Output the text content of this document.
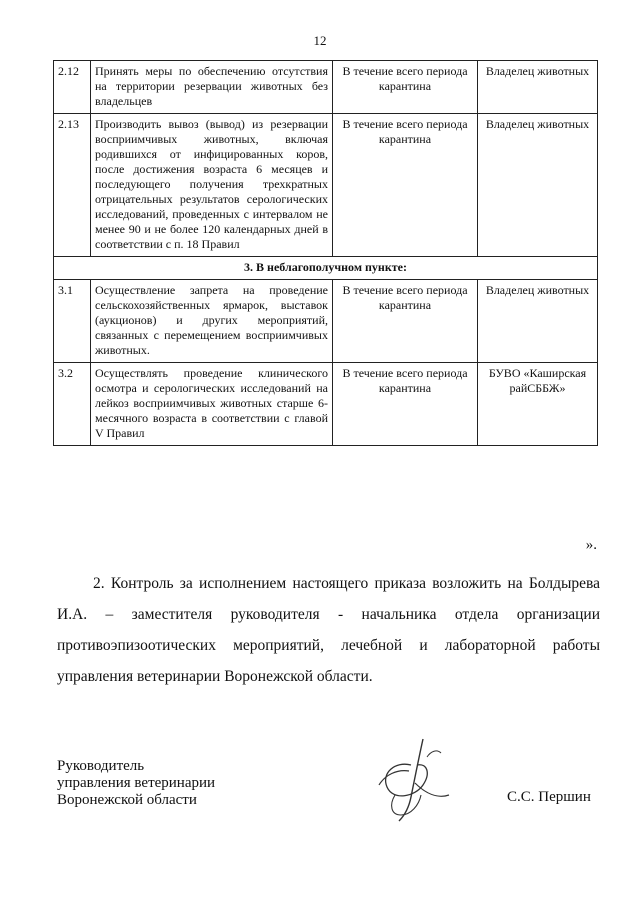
12
2.12	Принять меры по обеспечению отсутствия на территории резервации животных без владельцев	В течение всего периода карантина	Владелец животных
2.13	Производить вывоз (вывод) из резервации восприимчивых животных, включая родившихся от инфицированных коров, после достижения возраста 6 месяцев и последующего получения трехкратных отрицательных результатов серологических исследований, проведенных с интервалом не менее 90 и не более 120 календарных дней в соответствии с п. 18 Правил	В течение всего периода карантина	Владелец животных
3. В неблагополучном пункте:			
3.1	Осуществление запрета на проведение сельскохозяйственных ярмарок, выставок (аукционов) и других мероприятий, связанных с перемещением восприимчивых животных.	В течение всего периода карантина	Владелец животных
3.2	Осуществлять проведение клинического осмотра и серологических исследований на лейкоз восприимчивых животных старше 6-месячного возраста в соответствии с главой V Правил	В течение всего периода карантина	БУВО «Каширская райСББЖ»
».
2. Контроль за исполнением настоящего приказа возложить на Болдырева И.А. – заместителя руководителя - начальника отдела организации противоэпизоотических мероприятий, лечебной и лабораторной работы управления ветеринарии Воронежской области.
Руководитель
управления ветеринарии
Воронежской области	С.С. Першин
